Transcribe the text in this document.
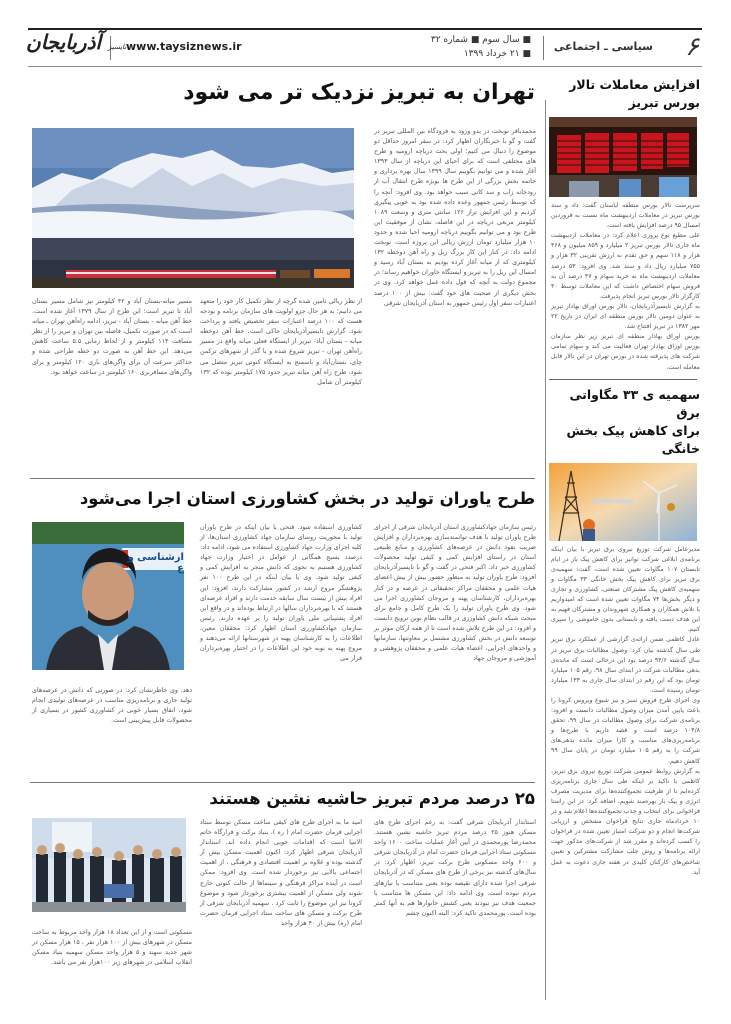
۶
سیاسی ـ اجتماعی
■ سال سوم ■ شماره ۳۲
■ ۲۱ خرداد ۱۳۹۹
www.taysiznews.ir
تایسیز آذربایجان
افزایش معاملات تالار بورس تبریز

سرپرست تالار بورس منطقه ایاستان گفت: داد و ستد بورس تبریز در معاملات اردیبهشت ماه نسبت به فروردین امسال ۹۵ درصد افزایش یافته است.

علی مطیع نوع پروری اعلام کرد: در معاملات اردیبهشت ماه جاری تالار بورس تبریز ۲ میلیارد و ۸۵۹ میلیون و ۴۶۸ هزار و ۱۱۸ سهم و حق تقدم به ارزش تقریبی ۳۲ هزار و ۷۵۵ میلیارد ریال داد و ستد شد. وی افزود: ۵۳ درصد معاملات اردیبهشت ماه به خرید سهام و ۴۷ درصد آن به فروش سهام اختصاص داشت که این معاملات توسط ۴۰ کارگزار تالار بورس تبریز انجام پذیرفت.

به گزارش تایسیزآذربایجان، تالار بورس اوراق بهادار تبریز به عنوان دومین تالار بورس منطقه ای ایران در تاریخ ۲۲ مهر ۱۳۸۲ در تبریز افتتاح شد.

بورس اوراق بهادار منطقه ای تبریز زیر نظر سازمان بورس اوراق بهادار تهران فعالیت می کند و سهام تمامی شرکت های پذیرفته شده در بورس تهران در این تالار قابل معامله است.

سهمیه ی ۳۳ مگاواتی برق
برای کاهش پیک بخش خانگی

مدیرعامل شرکت توزیع نیروی برق تبریز با بیان اینکه برنامه‌ی ابلاغی شرکت توانیر برای کاهش پیک بار در ایام تابستان ۱۰۷ مگاوات تعیین شده است، گفت: سهمیه‌ی برق تبریز برای کاهش پیک بخش خانگی ۳۳ مگاوات و سهمیه‌ی کاهش پیک مشترکان صنعتی، کشاورزی و تجاری و دیگر بخش‌ها ۷۴ مگاوات تعیین شده است که امیدواریم با تلاش همکاران و همکاری شهروندان و مشترکان فهیم به این هدف دست یافته و تابستانی بدون خاموشی را سپری کنیم.

عادل کاظمی ضمن ارائه‌ی گزارشی از عملکرد برق تبریز طی سال گذشته بیان کرد: وصول مطالبات برق تبریز در سال گذشته ۹۴/۶ درصد بود این درحالی است که مانده‌ی بدهی مطالبات شرکت در ابتدای سال ۹۸، رقم ۱۰۵ میلیارد تومان بود که این رقم در ابتدای سال جاری به ۱۳۳ میلیارد تومان رسیده است.

وی اجرای طرح فروش سبز و نیز شیوع ویروس کرونا را باعث پایین آمدن میزان وصول مطالبات دانست و افزود: برنامه‌ی شرکت برای وصول مطالبات در سال ۹۹، تحقق ۱۰۴/۸ درصد است و قصد داریم با طرح‌ها و برنامه‌ریزی‌های مناسب و کارا میزان مانده بدهی‌های شرکت را به رقم ۱۰۵ میلیارد تومان در پایان سال ۹۹ کاهش دهیم.

به گزارش روابط عمومی شرکت توزیع نیروی برق تبریز، کاظمی با تاکید بر اینکه طی سال جاری برنامه‌ریزی کرده‌ایم تا از ظرفیت تجمیع‌کننده‌ها برای مدیریت مصرف انرژی و پیک بار بهره‌مند شویم، اضافه کرد: در این راستا فراخوانی برای انتخاب و جذب تجمیع‌کننده‌ها اعلام شد و در ۱۰ خردادماه جاری نتایج فراخوان مشخص و ارزیابی شرکت‌ها انجام و دو شرکت امتیاز تعیین شده در فراخوان را کسب کرده‌اند و مقرر شد از شرکت‌های مذکور جهت ارائه برنامه‌ها و روش جلب مشارکت مشترکین و تعیین شاخص‌های کارکنان کلیدی در هفته جاری دعوت به عمل آید.

تهران به تبریز نزدیک تر می شود
محمدباقر نوبخت در بدو ورود به فرودگاه بین المللی تبریز در گفت و گو با خبرنگاران اظهار کرد: در سفر امروز حداقل دو موضوع را دنبال می کنیم؛ اولی بحث دریاچه ارومیه و طرح های مختلفی است که برای احیای این دریاچه از سال ۱۳۹۳ آغاز شده و می توانیم بگوییم سال ۱۳۹۹ سال بهره برداری و خاتمه بخش بزرگی از این طرح ها بویژه طرح انتقال آب از رودخانه زاب و سد کانی سیب خواهد بود. وی افزود: آنچه را که توسط رئیس جمهور وعده داده شده بود به خوبی پیگیری کردیم و این افزایش تراز ۱۲۶ سانتی متری و وسعت ۱۰۸۹ کیلومتر مربعی دریاچه در این فاصله، نشان از موفقیت این طرح بود و می توانیم بگوییم دریاچه ارومیه احیا شده و حدود ۱۰ هزار میلیارد تومان ارزش ریالی این پروژه است. نوبخت ادامه داد: در کنار این کار بزرگ ریل و راه آهن دوخطه ۱۳۲ کیلومتری که از میانه آغاز کرده بودیم به بستان آباد رسید و امسال این ریل را به تبریز و ایستگاه خاوران خواهیم رساند؛ در مجموع دولت به آنچه که قول داده عمل خواهد کرد. وی در بخش دیگری از صحبت های خود گفت: بیش از ۱۰۰ درصد اعتبارات سفر اول رئیس جمهور به استان آذربایجان شرقی
از نظر ریالی تامین شده گرچه از نظر تکمیل کار خود را متعهد می دانیم؛ به هر حال جزو اولویت های سازمان برنامه و بودجه هست که ۱۰۰ درصد اعتبارات سفر تخصیص یافته و پرداخت شود. گزارش تایسیزآذربایجان حاکی است، خط آهن دوخطه میانه - بستان آباد- تبریز از ایستگاه فعلی میانه واقع در مسیر راه‌آهن تهران - تبریز شروع شده و با گذر از شهرهای ترکمن چای، بستان‌آباد و باسمنج به ایستگاه کنونی تبریز متصل می شود. طرح راه آهن میانه تبریز حدود ۱۷۵ کیلومتر بوده که ۱۳۲ کیلومتر آن شامل
مسیر میانه-بستان آباد و ۴۲ کیلومتر نیز شامل مسیر بستان آباد تا تبریز است؛ این طرح از سال ۱۳۷۹ آغاز شده است. خط آهن میانه - بستان آباد - تبریز، ادامه راه‌آهن تهران ـ میانه است که در صورت تکمیل، فاصله بین تهران و تبریز را از نظر مسافت ۱۱۴ کیلومتر و از لحاظ زمانی ۵.۵ ساعت کاهش می‌دهد. این خط آهن به صورت دو خطه طراحی شده و حداکثر سرعت آن برای واگن‌های باری ۱۲۰ کیلومتر و برای واگن‌های مسافربری ۱۶۰ کیلومتر در ساعت خواهد بود.
طرح یاوران تولید در بخش کشاورزی استان اجرا می‌شود
ارشناسی و ع
رئیس سازمان جهادکشاورزی استان آذربایجان شرقی از اجرای طرح یاوران تولید با هدف توانمندسازی بهره‌برداران و افزایش ضریب نفوذ دانش در عرصه‌های کشاورزی و منابع طبیعی استان در راستای افزایش کمی و کیفی تولید محصولات کشاورزی خبر داد. اکبر فتحی در گفت و گو با تایسیزآذربایجان افزود: طرح یاوران تولید به منظور حضور بیش از بیش اعضای هیات علمی و محققان مراکز تحقیقاتی در عرصه و در کنار بهره‌برداران، کارشناسان پهنه و مروجان کشاورزی اجرا می شود. وی طرح یاوران تولید را یک طرح کامل و جامع برای مبحث شبکه دانش کشاورزی در قالب نظام نوین ترویج دانست و افزود: در این طرح تلاش شده است تا از همه ارکان موثر بر توسعه دانش در بخش کشاورزی مشتمل بر معاونتها، سازمانها و واحدهای اجرایی، اعضاء هیات علمی و محققان پژوهشی و آموزشی و مروجان جهاد
کشاورزی استفاده شود. فتحی با بیان اینکه در طرح یاوران تولید با محوریت روسای سازمان جهاد کشاورزی استان‌ها، از کلیه اجزای وزارت جهاد کشاورزی استفاده می شود، ادامه داد: درصدد بسیج همگانی از عوامل در اختیار وزارت جهاد کشاورزی هستیم به نحوی که دانش منجر به افزایش کمی و کیفی تولید شود. وی با بیان اینکه در این طرح ۱۰۰ نفر پژوهشگر مروج ارشد در کشور مشارکت دارند، افزود: این افراد بیش از بیست سال سابقه خدمت دارند و افراد عرصه‌ای هستند که با بهره‌برداران سالها در ارتباط بوده‌اند و در واقع این افراد پشتیبانی ملی یاوران تولید را بر عهده دارند. رئیس سازمان جهادکشاورزی استان اظهار کرد: محققان معین، اطلاعات را به کارشناسان پهنه در شهرستانها ارائه می‌دهند و مروج پهنه به نوبه خود این اطلاعات را در اختیار بهره‌برداران قرار می
دهد. وی خاطرنشان کرد: در صورتی که دانش در عرصه‌های تولید جاری و برنامه‌ریزی مناسب در عرصه‌های تولیدی انجام شود، اتفاق بسیار خوبی در کشاورزی کشور در بسیاری از محصولات قابل پیش‌بینی است.
۲۵ درصد مردم تبریز حاشیه نشین هستند
استاندار آذربایجان شرقی گفت: به رغم اجرای طرح های مسکن هنوز ۲۵ درصد مردم تبریز حاشیه نشین هستند. محمدرضا پورمحمدی در آیین آغاز عملیات ساخت ۱۶۰۰ واحد مسکونی ستاد اجرایی فرمان حضرت امام در آذربایجان شرقی و ۶۰۰ واحد مسکونی طرح برکت تبریز، اظهار کرد: در سال‌های گذشته نیز برخی از طرح های مسکن که در آذربایجان شرقی اجرا شده دارای نقیصه بوده یعنی متناسب با نیازهای مردم نبوده است. وی ادامه داد: این مسکن ها متناسب با جمعیت هدف نیز نبودند یعنی کشش خانوارها هم به آنها کمتر بوده است. پورمحمدی تاکید کرد: البته اکنون چشم
امید ما به اجرای طرح های کیفی ساخت مسکن توسط ستاد اجرایی فرمان حضرت امام ( ره )، بنیاد برکت و قرارگاه خاتم الانبیا است که اقدامات خوبی انجام داده اند. استاندار آذربایجان شرقی اظهار کرد: اکنون اهمیت مسکن بیش از گذشته بوده و علاوه بر اهمیت اقتصادی و فرهنگی ، از اهمیت اجتماعی بالایی نیز برخوردار شده است. وی افزود: ممکن است در آینده مراکز فرهنگی و سینماها از حالت کنونی خارج شوند ولی مسکن از اهمیت بیشتری برخوردار شود و موضوع کرونا نیز این موضوع را ثابت کرد . سهمیه آذربایجان شرقی از طرح برکت و مسکن های ساخت ستاد اجرایی فرمان حضرت امام (ره) بیش از ۴۰ هزار واحد
مسکونی است و از این تعداد ۱۸ هزار واحد مربوط به ساخت مسکن در شهرهای بیش از ۱۰۰ هزار نفر ، ۱۵ هزار مسکن در شهر جدید سهند و ۵ هزار واحد مسکن سهمیه بنیاد مسکن انقلاب اسلامی در شهرهای زیر ۱۰۰هزار نفر می باشد.
